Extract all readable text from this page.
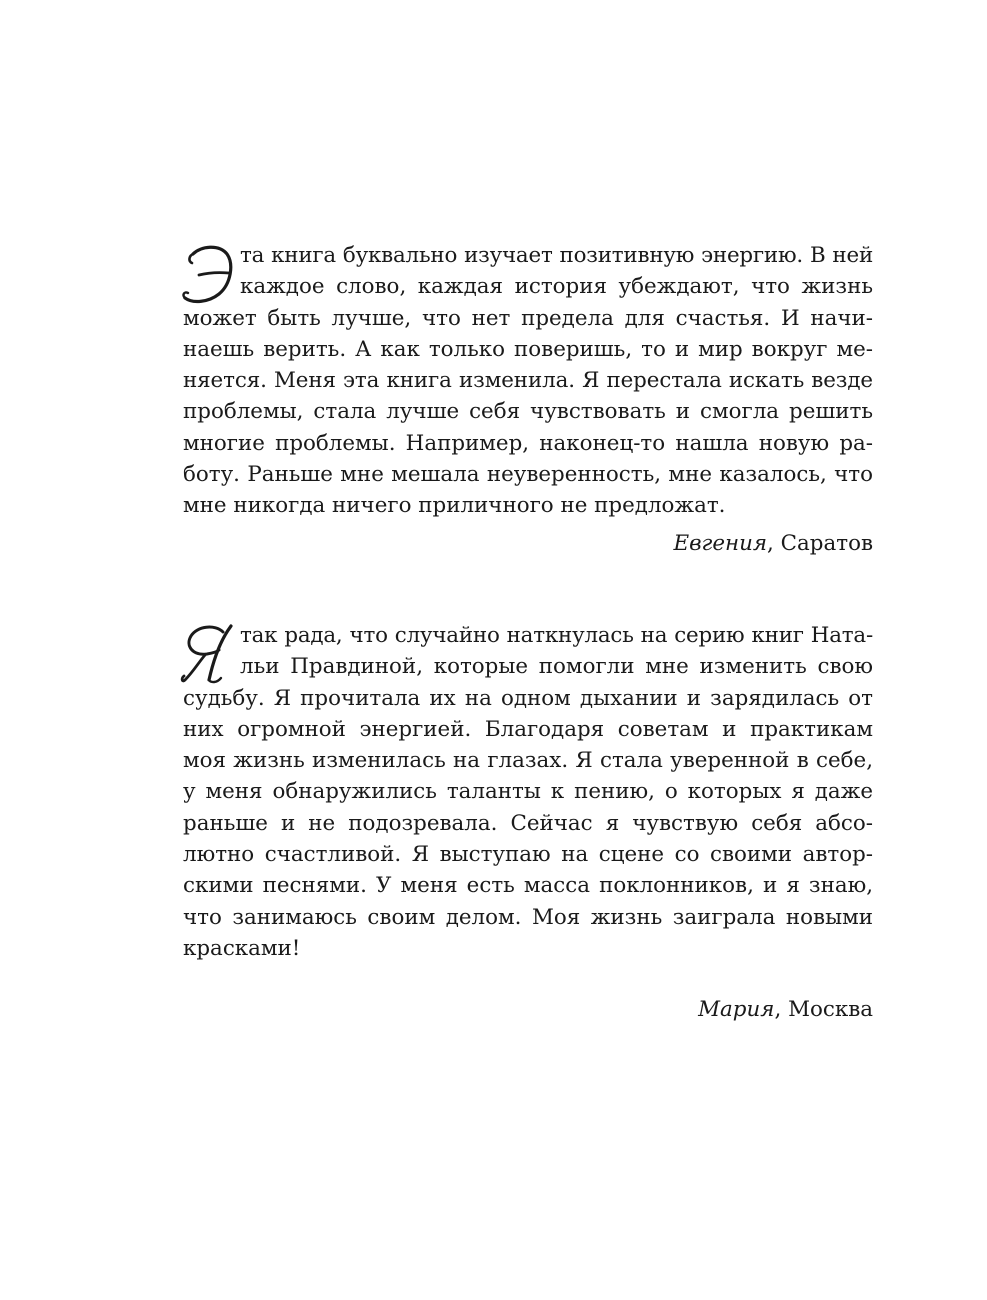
та книга буквально изучает позитивную энергию. В ней
каждое слово, каждая история убеждают, что жизнь
может быть лучше, что нет предела для счастья. И начи-
наешь верить. А как только поверишь, то и мир вокруг ме-
няется. Меня эта книга изменила. Я перестала искать везде
проблемы, стала лучше себя чувствовать и смогла решить
многие проблемы. Например, наконец-то нашла новую ра-
боту. Раньше мне мешала неуверенность, мне казалось, что
мне никогда ничего приличного не предложат.

Евгения, Саратов

так рада, что случайно наткнулась на серию книг Ната-
льи Правдиной, которые помогли мне изменить свою
судьбу. Я прочитала их на одном дыхании и зарядилась от
них огромной энергией. Благодаря советам и практикам
моя жизнь изменилась на глазах. Я стала уверенной в себе,
у меня обнаружились таланты к пению, о которых я даже
раньше и не подозревала. Сейчас я чувствую себя абсо-
лютно счастливой. Я выступаю на сцене со своими автор-
скими песнями. У меня есть масса поклонников, и я знаю,
что занимаюсь своим делом. Моя жизнь заиграла новыми
красками!

Мария, Москва
